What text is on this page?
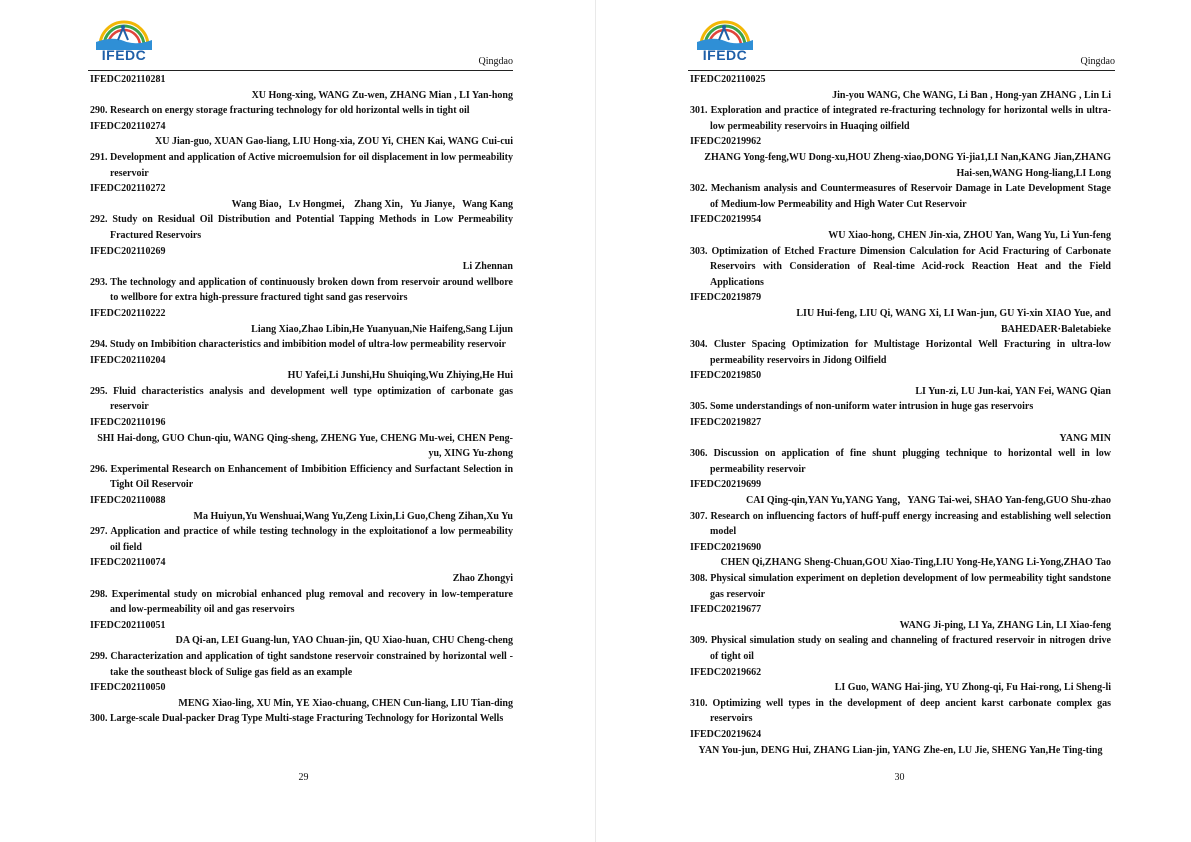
IFEDC	Qingdao

IFEDC202110281

XU Hong-xing, WANG Zu-wen, ZHANG Mian , LI Yan-hong

290. Research on energy storage fracturing technology for old horizontal wells in tight oil

IFEDC202110274

XU Jian-guo, XUAN Gao-liang, LIU Hong-xia, ZOU Yi, CHEN Kai, WANG Cui-cui

291. Development and application of Active microemulsion for oil displacement in low permeability reservoir

IFEDC202110272

Wang Biao，Lv Hongmei， Zhang Xin，Yu Jianye，Wang Kang

292. Study on Residual Oil Distribution and Potential Tapping Methods in Low Permeability Fractured Reservoirs

IFEDC202110269

Li Zhennan

293. The technology and application of continuously broken down from reservoir around wellbore to wellbore for extra high-pressure fractured tight sand gas reservoirs

IFEDC202110222

Liang Xiao,Zhao Libin,He Yuanyuan,Nie Haifeng,Sang Lijun

294. Study on Imbibition characteristics and imbibition model of ultra-low permeability reservoir

IFEDC202110204

HU Yafei,Li Junshi,Hu Shuiqing,Wu Zhiying,He Hui

295. Fluid characteristics analysis and development well type optimization of carbonate gas reservoir

IFEDC202110196

SHI Hai-dong, GUO Chun-qiu, WANG Qing-sheng, ZHENG Yue, CHENG Mu-wei, CHEN Peng-yu, XING Yu-zhong

296. Experimental Research on Enhancement of Imbibition Efficiency and Surfactant Selection in Tight Oil Reservoir

IFEDC202110088

Ma Huiyun,Yu Wenshuai,Wang Yu,Zeng Lixin,Li Guo,Cheng Zihan,Xu Yu

297. Application and practice of while testing technology in the exploitationof a low permeability oil field

IFEDC202110074

Zhao Zhongyi

298. Experimental study on microbial enhanced plug removal and recovery in low-temperature and low-permeability oil and gas reservoirs

IFEDC202110051

DA Qi-an, LEI Guang-lun, YAO Chuan-jin, QU Xiao-huan, CHU Cheng-cheng

299. Characterization and application of tight sandstone reservoir constrained by horizontal well - take the southeast block of Sulige gas field as an example

IFEDC202110050

MENG Xiao-ling, XU Min, YE Xiao-chuang, CHEN Cun-liang, LIU Tian-ding

300. Large-scale Dual-packer Drag Type Multi-stage Fracturing Technology for Horizontal Wells

29
IFEDC	Qingdao

IFEDC202110025

Jin-you WANG, Che WANG, Li Ban , Hong-yan ZHANG , Lin Li

301. Exploration and practice of integrated re-fracturing technology for horizontal wells in ultra-low permeability reservoirs in Huaqing oilfield

IFEDC20219962

ZHANG Yong-feng,WU Dong-xu,HOU Zheng-xiao,DONG Yi-jia1,LI Nan,KANG Jian,ZHANG Hai-sen,WANG Hong-liang,LI Long

302. Mechanism analysis and Countermeasures of Reservoir Damage in Late Development Stage of Medium-low Permeability and High Water Cut Reservoir

IFEDC20219954

WU Xiao-hong, CHEN Jin-xia, ZHOU Yan, Wang Yu, Li Yun-feng

303. Optimization of Etched Fracture Dimension Calculation for Acid Fracturing of Carbonate Reservoirs with Consideration of Real-time Acid-rock Reaction Heat and the Field Applications

IFEDC20219879

LIU Hui-feng, LIU Qi, WANG Xi, LI Wan-jun, GU Yi-xin XIAO Yue, and BAHEDAER·Baletabieke

304. Cluster Spacing Optimization for Multistage Horizontal Well Fracturing in ultra-low permeability reservoirs in Jidong Oilfield

IFEDC20219850

LI Yun-zi, LU Jun-kai, YAN Fei, WANG Qian

305. Some understandings of non-uniform water intrusion in huge gas reservoirs

IFEDC20219827

YANG MIN

306. Discussion on application of fine shunt plugging technique to horizontal well in low permeability reservoir

IFEDC20219699

CAI Qing-qin,YAN Yu,YANG Yang，YANG Tai-wei, SHAO Yan-feng,GUO Shu-zhao

307. Research on influencing factors of huff-puff energy increasing and establishing well selection model

IFEDC20219690

CHEN Qi,ZHANG Sheng-Chuan,GOU Xiao-Ting,LIU Yong-He,YANG Li-Yong,ZHAO Tao

308. Physical simulation experiment on depletion development of low permeability tight sandstone gas reservoir

IFEDC20219677

WANG Ji-ping, LI Ya, ZHANG Lin, LI Xiao-feng

309. Physical simulation study on sealing and channeling of fractured reservoir in nitrogen drive of tight oil

IFEDC20219662

LI Guo, WANG Hai-jing, YU Zhong-qi, Fu Hai-rong, Li Sheng-li

310. Optimizing well types in the development of deep ancient karst carbonate complex gas reservoirs

IFEDC20219624

YAN You-jun, DENG Hui, ZHANG Lian-jin, YANG Zhe-en, LU Jie, SHENG Yan,He Ting-ting

30
